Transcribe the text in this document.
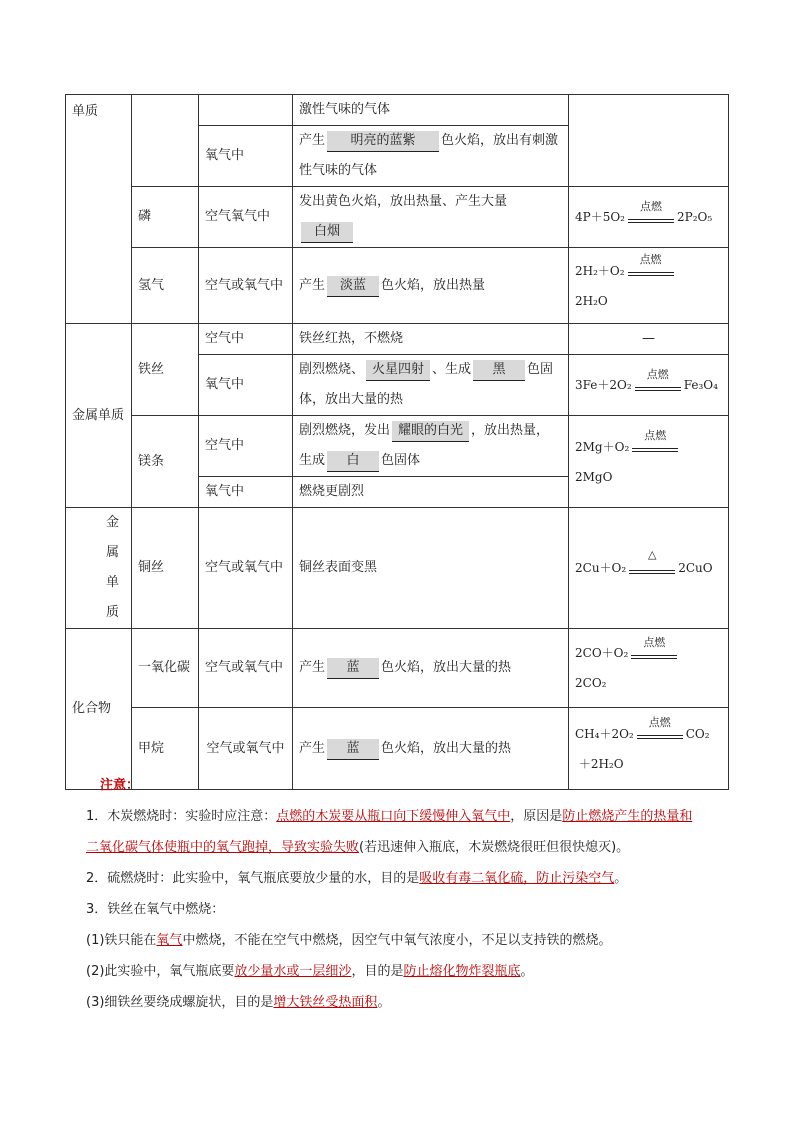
单质			激性气味的气体	
		氧气中	产生 明亮的蓝紫 色火焰，放出有刺激性气味的气体	
	磷	空气氧气中	发出黄色火焰，放出热量、产生大量白烟	4P＋5O₂
点燃
2P₂O₅
	氢气	空气或氧气中	产生 淡蓝 色火焰，放出热量	2H₂＋O₂
点燃

2H₂O
金属单质	铁丝	空气中	铁丝红热，不燃烧	—
		氧气中	剧烈燃烧、 火星四射 、生成 黑 色固体，放出大量的热	3Fe＋2O₂
点燃
Fe₃O₄
	镁条	空气中	剧烈燃烧，发出 耀眼的白光 ，放出热量，生成 白 色固体	2Mg＋O₂
点燃

2MgO
		氧气中	燃烧更剧烈	
金属单质	铜丝	空气或氧气中	铜丝表面变黑	2Cu＋O₂
△
2CuO
化合物	一氧化碳	空气或氧气中	产生 蓝 色火焰，放出大量的热	2CO＋O₂
点燃

2CO₂
	甲烷	空气或氧气中	产生 蓝 色火焰，放出大量的热	CH₄＋2O₂
点燃
CO₂
＋2H₂O
注意：
1．木炭燃烧时：实验时应注意：点燃的木炭要从瓶口向下缓慢伸入氧气中，原因是防止燃烧产生的热量和
二氧化碳气体使瓶中的氧气跑掉，导致实验失败(若迅速伸入瓶底，木炭燃烧很旺但很快熄灭)。
2．硫燃烧时：此实验中，氧气瓶底要放少量的水，目的是吸收有毒二氧化硫，防止污染空气。
3．铁丝在氧气中燃烧：
(1)铁只能在氧气中燃烧，不能在空气中燃烧，因空气中氧气浓度小，不足以支持铁的燃烧。
(2)此实验中，氧气瓶底要放少量水或一层细沙，目的是防止熔化物炸裂瓶底。
(3)细铁丝要绕成螺旋状，目的是增大铁丝受热面积。
